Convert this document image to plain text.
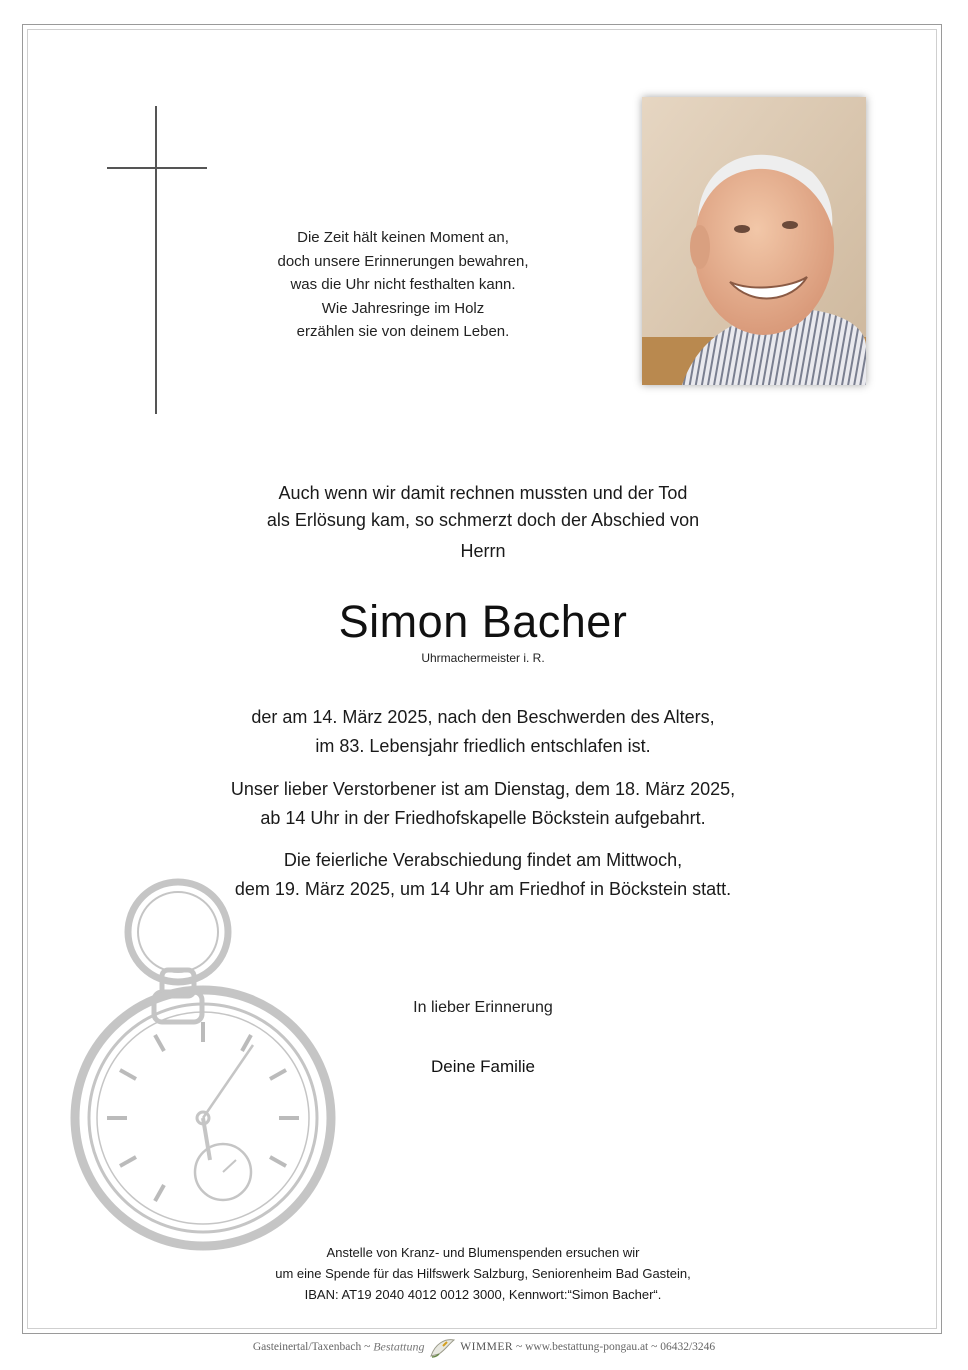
Die Zeit hält keinen Moment an,
doch unsere Erinnerungen bewahren,
was die Uhr nicht festhalten kann.
Wie Jahresringe im Holz
erzählen sie von deinem Leben.
Auch wenn wir damit rechnen mussten und der Tod
als Erlösung kam, so schmerzt doch der Abschied von
Herrn
Simon Bacher
Uhrmachermeister i. R.
der am 14. März 2025, nach den Beschwerden des Alters,
im 83. Lebensjahr friedlich entschlafen ist.
Unser lieber Verstorbener ist am Dienstag, dem 18. März 2025,
ab 14 Uhr in der Friedhofskapelle Böckstein aufgebahrt.
Die feierliche Verabschiedung findet am Mittwoch,
dem 19. März 2025, um 14 Uhr am Friedhof in Böckstein statt.
In lieber Erinnerung
Deine Familie
Anstelle von Kranz- und Blumenspenden ersuchen wir
um eine Spende für das Hilfswerk Salzburg, Seniorenheim Bad Gastein,
IBAN: AT19 2040 4012 0012 3000, Kennwort:“Simon Bacher“.
Gasteinertal/Taxenbach ~ Bestattung	WIMMER ~ www.bestattung-pongau.at ~ 06432/3246
